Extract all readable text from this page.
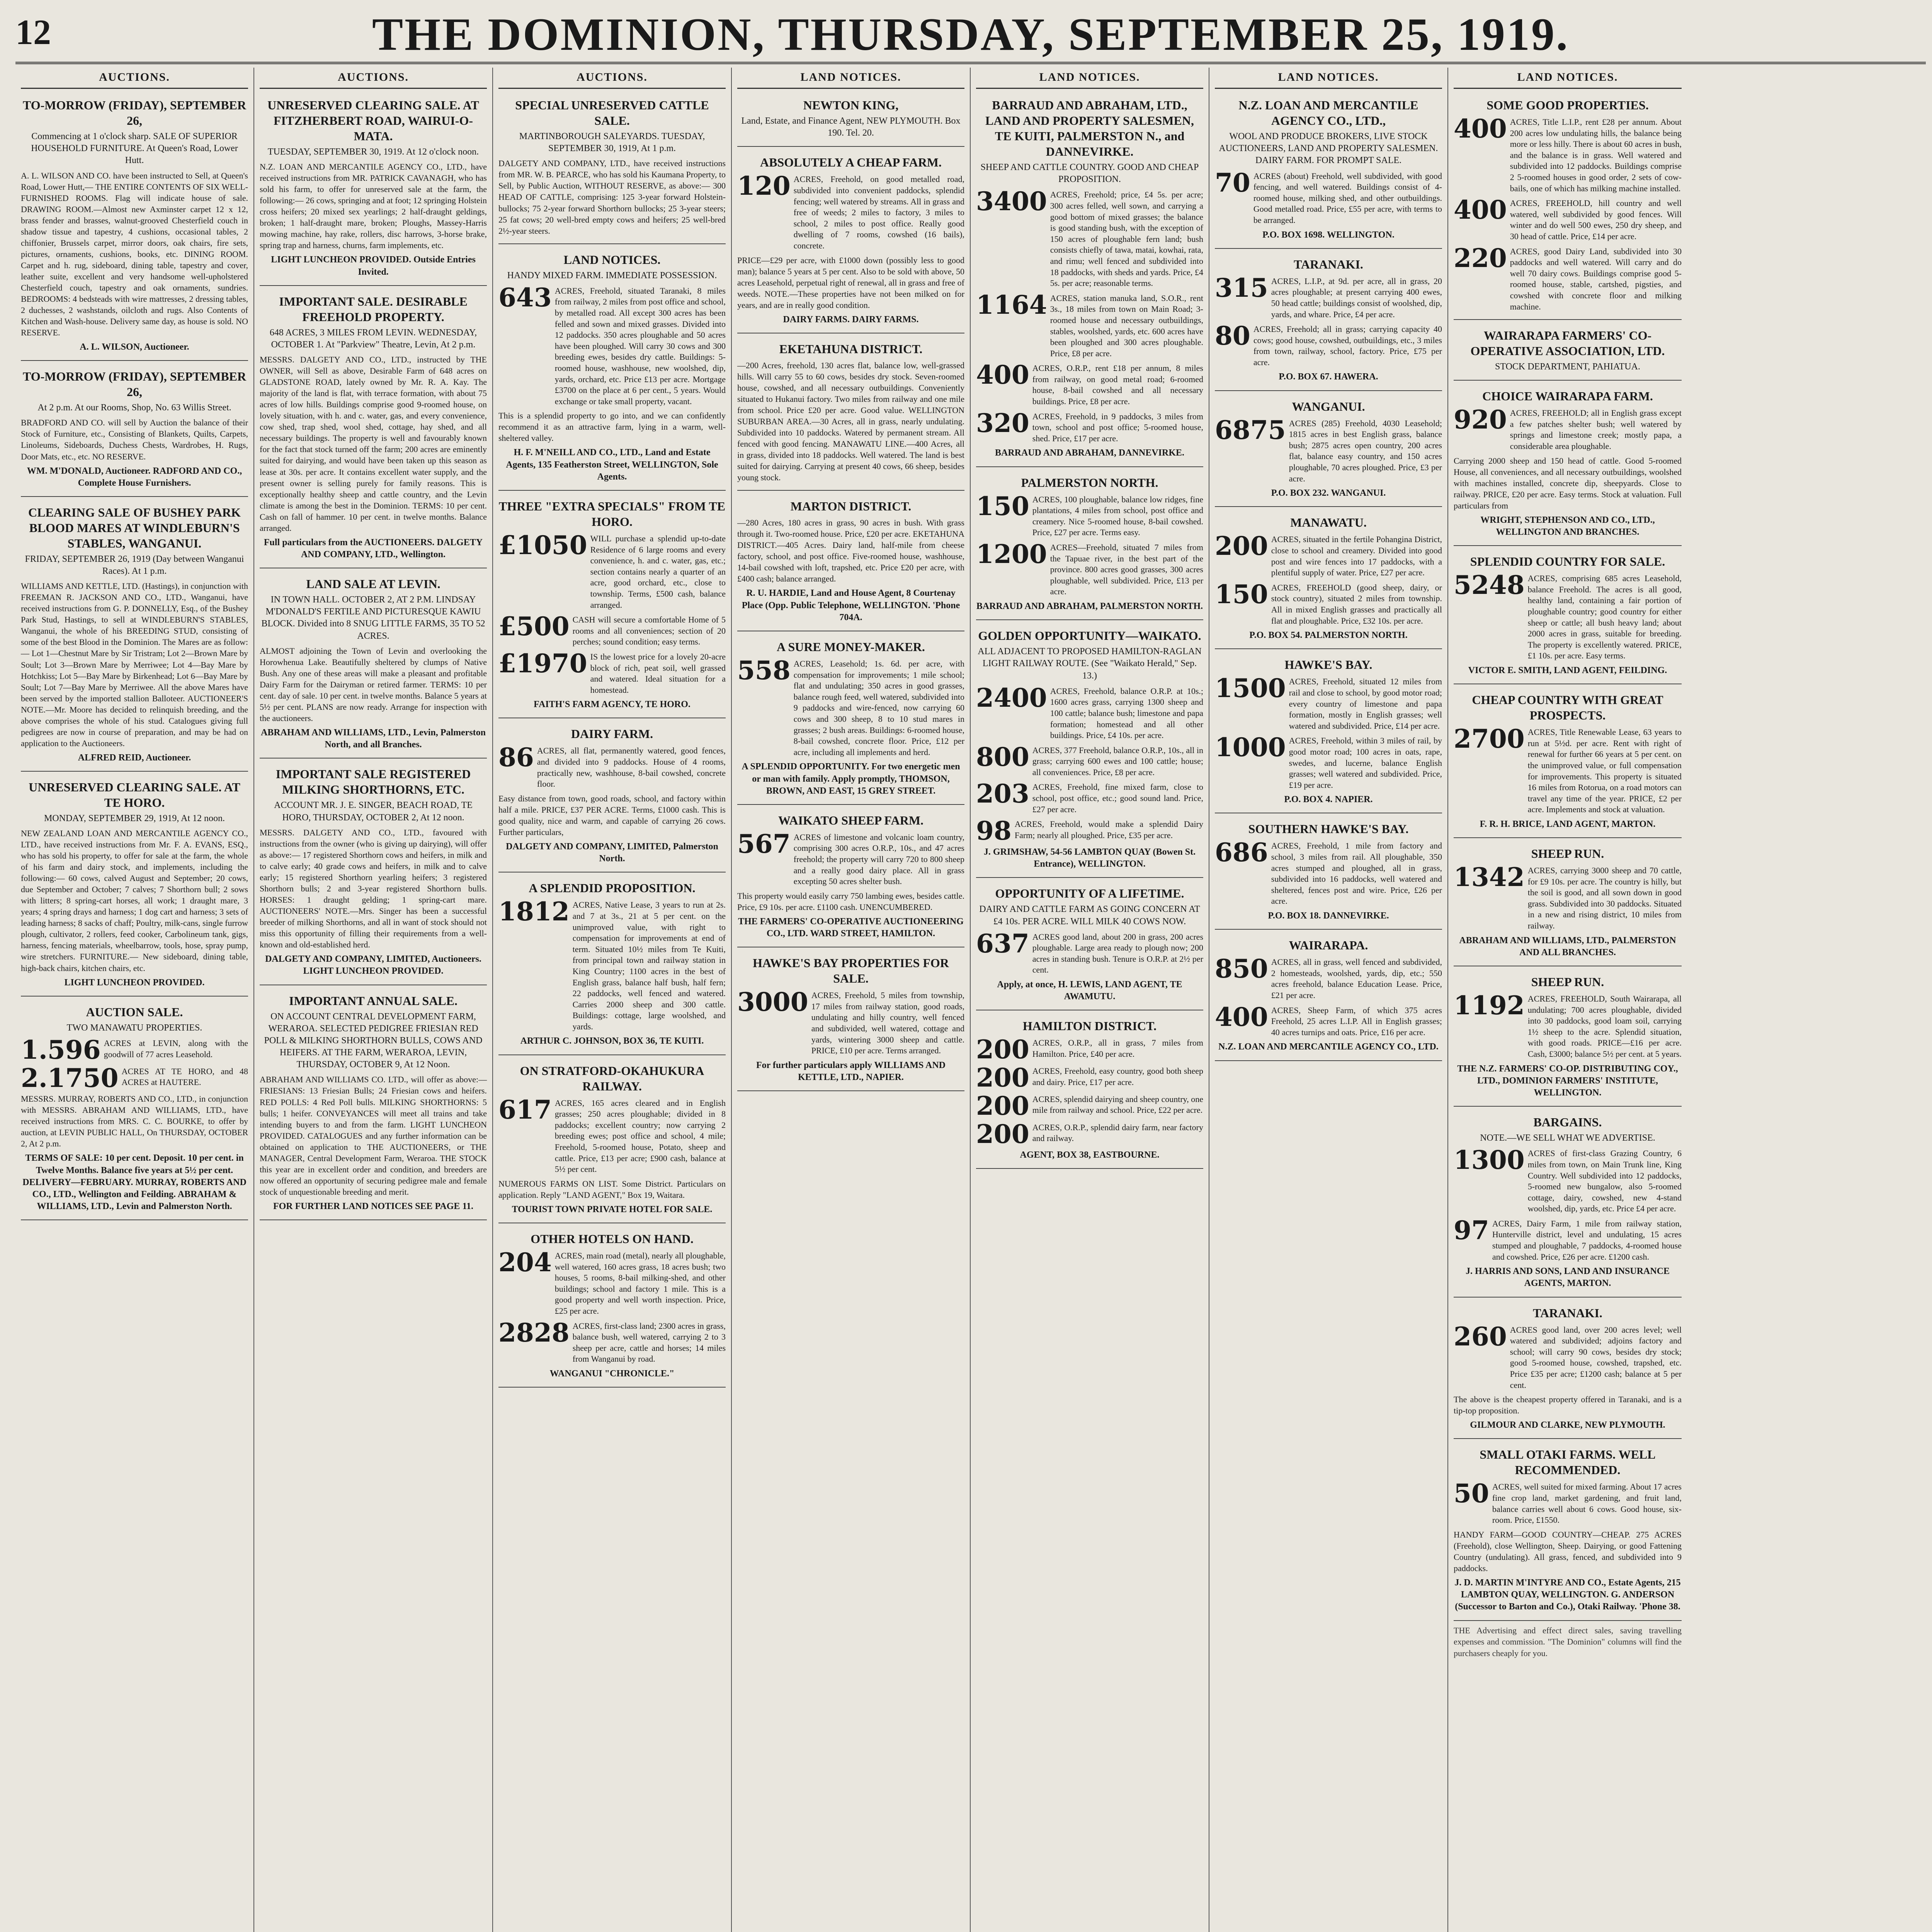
12	THE DOMINION, THURSDAY, SEPTEMBER 25, 1919.
AUCTIONS.
TO-MORROW (FRIDAY), SEPTEMBER 26,
Commencing at 1 o'clock sharp. SALE OF SUPERIOR HOUSEHOLD FURNITURE. At Queen's Road, Lower Hutt.
A. L. WILSON AND CO. have been instructed to Sell, at Queen's Road, Lower Hutt,— THE ENTIRE CONTENTS OF SIX WELL-FURNISHED ROOMS. Flag will indicate house of sale. DRAWING ROOM.—Almost new Axminster carpet 12 x 12, brass fender and brasses, walnut-grooved Chesterfield couch in shadow tissue and tapestry, 4 cushions, occasional tables, 2 chiffonier, Brussels carpet, mirror doors, oak chairs, fire sets, pictures, ornaments, cushions, books, etc. DINING ROOM. Carpet and h. rug, sideboard, dining table, tapestry and cover, leather suite, excellent and very handsome well-upholstered Chesterfield couch, tapestry and oak ornaments, sundries. BEDROOMS: 4 bedsteads with wire mattresses, 2 dressing tables, 2 duchesses, 2 washstands, oilcloth and rugs. Also Contents of Kitchen and Wash-house. Delivery same day, as house is sold. NO RESERVE.
A. L. WILSON, Auctioneer.
TO-MORROW (FRIDAY), SEPTEMBER 26,
At 2 p.m. At our Rooms, Shop, No. 63 Willis Street.
BRADFORD AND CO. will sell by Auction the balance of their Stock of Furniture, etc., Consisting of Blankets, Quilts, Carpets, Linoleums, Sideboards, Duchess Chests, Wardrobes, H. Rugs, Door Mats, etc., etc. NO RESERVE.
WM. M'DONALD, Auctioneer. RADFORD AND CO., Complete House Furnishers.
CLEARING SALE OF BUSHEY PARK BLOOD MARES AT WINDLEBURN'S STABLES, WANGANUI.
FRIDAY, SEPTEMBER 26, 1919 (Day between Wanganui Races). At 1 p.m.
WILLIAMS AND KETTLE, LTD. (Hastings), in conjunction with FREEMAN R. JACKSON AND CO., LTD., Wanganui, have received instructions from G. P. DONNELLY, Esq., of the Bushey Park Stud, Hastings, to sell at WINDLEBURN'S STABLES, Wanganui, the whole of his BREEDING STUD, consisting of some of the best Blood in the Dominion. The Mares are as follow:— Lot 1—Chestnut Mare by Sir Tristram; Lot 2—Brown Mare by Soult; Lot 3—Brown Mare by Merriwee; Lot 4—Bay Mare by Hotchkiss; Lot 5—Bay Mare by Birkenhead; Lot 6—Bay Mare by Soult; Lot 7—Bay Mare by Merriwee. All the above Mares have been served by the imported stallion Balloteer. AUCTIONEER'S NOTE.—Mr. Moore has decided to relinquish breeding, and the above comprises the whole of his stud. Catalogues giving full pedigrees are now in course of preparation, and may be had on application to the Auctioneers.
ALFRED REID, Auctioneer.
UNRESERVED CLEARING SALE. AT TE HORO.
MONDAY, SEPTEMBER 29, 1919, At 12 noon.
NEW ZEALAND LOAN AND MERCANTILE AGENCY CO., LTD., have received instructions from Mr. F. A. EVANS, ESQ., who has sold his property, to offer for sale at the farm, the whole of his farm and dairy stock, and implements, including the following:— 60 cows, calved August and September; 20 cows, due September and October; 7 calves; 7 Shorthorn bull; 2 sows with litters; 8 spring-cart horses, all work; 1 draught mare, 3 years; 4 spring drays and harness; 1 dog cart and harness; 3 sets of leading harness; 8 sacks of chaff; Poultry, milk-cans, single furrow plough, cultivator, 2 rollers, feed cooker, Carbolineum tank, gigs, harness, fencing materials, wheelbarrow, tools, hose, spray pump, wire stretchers. FURNITURE.— New sideboard, dining table, high-back chairs, kitchen chairs, etc.
LIGHT LUNCHEON PROVIDED.
AUCTION SALE.
TWO MANAWATU PROPERTIES.
1.596 ACRES at LEVIN, along with the goodwill of 77 acres Leasehold.
2.1750 ACRES AT TE HORO, and 48 ACRES at HAUTERE.
MESSRS. MURRAY, ROBERTS AND CO., LTD., in conjunction with MESSRS. ABRAHAM AND WILLIAMS, LTD., have received instructions from MRS. C. C. BOURKE, to offer by auction, at LEVIN PUBLIC HALL, On THURSDAY, OCTOBER 2, At 2 p.m.
TERMS OF SALE: 10 per cent. Deposit. 10 per cent. in Twelve Months. Balance five years at 5½ per cent. DELIVERY—FEBRUARY. MURRAY, ROBERTS AND CO., LTD., Wellington and Feilding. ABRAHAM & WILLIAMS, LTD., Levin and Palmerston North.
AUCTIONS.
UNRESERVED CLEARING SALE. AT FITZHERBERT ROAD, WAIRUI-O-MATA.
TUESDAY, SEPTEMBER 30, 1919. At 12 o'clock noon.
N.Z. LOAN AND MERCANTILE AGENCY CO., LTD., have received instructions from MR. PATRICK CAVANAGH, who has sold his farm, to offer for unreserved sale at the farm, the following:— 26 cows, springing and at foot; 12 springing Holstein cross heifers; 20 mixed sex yearlings; 2 half-draught geldings, broken; 1 half-draught mare, broken; Ploughs, Massey-Harris mowing machine, hay rake, rollers, disc harrows, 3-horse brake, spring trap and harness, churns, farm implements, etc.
LIGHT LUNCHEON PROVIDED. Outside Entries Invited.
IMPORTANT SALE. DESIRABLE FREEHOLD PROPERTY.
648 ACRES, 3 MILES FROM LEVIN. WEDNESDAY, OCTOBER 1. At "Parkview" Theatre, Levin, At 2 p.m.
MESSRS. DALGETY AND CO., LTD., instructed by THE OWNER, will Sell as above, Desirable Farm of 648 acres on GLADSTONE ROAD, lately owned by Mr. R. A. Kay. The majority of the land is flat, with terrace formation, with about 75 acres of low hills. Buildings comprise good 9-roomed house, on lovely situation, with h. and c. water, gas, and every convenience, cow shed, trap shed, wool shed, cottage, hay shed, and all necessary buildings. The property is well and favourably known for the fact that stock turned off the farm; 200 acres are eminently suited for dairying, and would have been taken up this season as lease at 30s. per acre. It contains excellent water supply, and the present owner is selling purely for family reasons. This is exceptionally healthy sheep and cattle country, and the Levin climate is among the best in the Dominion. TERMS: 10 per cent. Cash on fall of hammer. 10 per cent. in twelve months. Balance arranged.
Full particulars from the AUCTIONEERS. DALGETY AND COMPANY, LTD., Wellington.
LAND SALE AT LEVIN.
IN TOWN HALL. OCTOBER 2, AT 2 P.M. LINDSAY M'DONALD'S FERTILE AND PICTURESQUE KAWIU BLOCK. Divided into 8 SNUG LITTLE FARMS, 35 TO 52 ACRES.
ALMOST adjoining the Town of Levin and overlooking the Horowhenua Lake. Beautifully sheltered by clumps of Native Bush. Any one of these areas will make a pleasant and profitable Dairy Farm for the Dairyman or retired farmer. TERMS: 10 per cent. day of sale. 10 per cent. in twelve months. Balance 5 years at 5½ per cent. PLANS are now ready. Arrange for inspection with the auctioneers.
ABRAHAM AND WILLIAMS, LTD., Levin, Palmerston North, and all Branches.
IMPORTANT SALE REGISTERED MILKING SHORTHORNS, ETC.
ACCOUNT MR. J. E. SINGER, BEACH ROAD, TE HORO, THURSDAY, OCTOBER 2, At 12 noon.
MESSRS. DALGETY AND CO., LTD., favoured with instructions from the owner (who is giving up dairying), will offer as above:— 17 registered Shorthorn cows and heifers, in milk and to calve early; 40 grade cows and heifers, in milk and to calve early; 15 registered Shorthorn yearling heifers; 3 registered Shorthorn bulls; 2 and 3-year registered Shorthorn bulls. HORSES: 1 draught gelding; 1 spring-cart mare. AUCTIONEERS' NOTE.—Mrs. Singer has been a successful breeder of milking Shorthorns, and all in want of stock should not miss this opportunity of filling their requirements from a well-known and old-established herd.
DALGETY AND COMPANY, LIMITED, Auctioneers. LIGHT LUNCHEON PROVIDED.
IMPORTANT ANNUAL SALE.
ON ACCOUNT CENTRAL DEVELOPMENT FARM, WERAROA. SELECTED PEDIGREE FRIESIAN RED POLL & MILKING SHORTHORN BULLS, COWS AND HEIFERS. AT THE FARM, WERAROA, LEVIN, THURSDAY, OCTOBER 9, At 12 Noon.
ABRAHAM AND WILLIAMS CO. LTD., will offer as above:— FRIESIANS: 13 Friesian Bulls; 24 Friesian cows and heifers. RED POLLS: 4 Red Poll bulls. MILKING SHORTHORNS: 5 bulls; 1 heifer. CONVEYANCES will meet all trains and take intending buyers to and from the farm. LIGHT LUNCHEON PROVIDED. CATALOGUES and any further information can be obtained on application to THE AUCTIONEERS, or THE MANAGER, Central Development Farm, Weraroa. THE STOCK this year are in excellent order and condition, and breeders are now offered an opportunity of securing pedigree male and female stock of unquestionable breeding and merit.
FOR FURTHER LAND NOTICES SEE PAGE 11.
AUCTIONS.
SPECIAL UNRESERVED CATTLE SALE.
MARTINBOROUGH SALEYARDS. TUESDAY, SEPTEMBER 30, 1919, At 1 p.m.
DALGETY AND COMPANY, LTD., have received instructions from MR. W. B. PEARCE, who has sold his Kaumana Property, to Sell, by Public Auction, WITHOUT RESERVE, as above:— 300 HEAD OF CATTLE, comprising: 125 3-year forward Holstein-bullocks; 75 2-year forward Shorthorn bullocks; 25 3-year steers; 25 fat cows; 20 well-bred empty cows and heifers; 25 well-bred 2½-year steers.
LAND NOTICES.
HANDY MIXED FARM. IMMEDIATE POSSESSION.
643 ACRES, Freehold, situated Taranaki, 8 miles from railway, 2 miles from post office and school, by metalled road. All except 300 acres has been felled and sown and mixed grasses. Divided into 12 paddocks. 350 acres ploughable and 50 acres have been ploughed. Will carry 30 cows and 300 breeding ewes, besides dry cattle. Buildings: 5-roomed house, washhouse, new woolshed, dip, yards, orchard, etc. Price £13 per acre. Mortgage £3700 on the place at 6 per cent., 5 years. Would exchange or take small property, vacant.
This is a splendid property to go into, and we can confidently recommend it as an attractive farm, lying in a warm, well-sheltered valley.
H. F. M'NEILL AND CO., LTD., Land and Estate Agents, 135 Featherston Street, WELLINGTON, Sole Agents.
THREE "EXTRA SPECIALS" FROM TE HORO.
£1050 WILL purchase a splendid up-to-date Residence of 6 large rooms and every convenience, h. and c. water, gas, etc.; section contains nearly a quarter of an acre, good orchard, etc., close to township. Terms, £500 cash, balance arranged.
£500 CASH will secure a comfortable Home of 5 rooms and all conveniences; section of 20 perches; sound condition; easy terms.
£1970 IS the lowest price for a lovely 20-acre block of rich, peat soil, well grassed and watered. Ideal situation for a homestead.
FAITH'S FARM AGENCY, TE HORO.
DAIRY FARM.
86 ACRES, all flat, permanently watered, good fences, and divided into 9 paddocks. House of 4 rooms, practically new, washhouse, 8-bail cowshed, concrete floor.
Easy distance from town, good roads, school, and factory within half a mile. PRICE, £37 PER ACRE. Terms, £1000 cash. This is good quality, nice and warm, and capable of carrying 26 cows. Further particulars,
DALGETY AND COMPANY, LIMITED, Palmerston North.
A SPLENDID PROPOSITION.
1812 ACRES, Native Lease, 3 years to run at 2s. and 7 at 3s., 21 at 5 per cent. on the unimproved value, with right to compensation for improvements at end of term. Situated 10½ miles from Te Kuiti, from principal town and railway station in King Country; 1100 acres in the best of English grass, balance half bush, half fern; 22 paddocks, well fenced and watered. Carries 2000 sheep and 300 cattle. Buildings: cottage, large woolshed, and yards.
ARTHUR C. JOHNSON, BOX 36, TE KUITI.
ON STRATFORD-OKAHUKURA RAILWAY.
617 ACRES, 165 acres cleared and in English grasses; 250 acres ploughable; divided in 8 paddocks; excellent country; now carrying 2 breeding ewes; post office and school, 4 mile; Freehold, 5-roomed house, Potato, sheep and cattle. Price, £13 per acre; £900 cash, balance at 5½ per cent.
NUMEROUS FARMS ON LIST. Some District. Particulars on application. Reply "LAND AGENT," Box 19, Waitara.
TOURIST TOWN PRIVATE HOTEL FOR SALE.
OTHER HOTELS ON HAND.
204 ACRES, main road (metal), nearly all ploughable, well watered, 160 acres grass, 18 acres bush; two houses, 5 rooms, 8-bail milking-shed, and other buildings; school and factory 1 mile. This is a good property and well worth inspection. Price, £25 per acre.
2828 ACRES, first-class land; 2300 acres in grass, balance bush, well watered, carrying 2 to 3 sheep per acre, cattle and horses; 14 miles from Wanganui by road.
WANGANUI "CHRONICLE."
LAND NOTICES.
NEWTON KING,
Land, Estate, and Finance Agent, NEW PLYMOUTH. Box 190. Tel. 20.
ABSOLUTELY A CHEAP FARM.
120 ACRES, Freehold, on good metalled road, subdivided into convenient paddocks, splendid fencing; well watered by streams. All in grass and free of weeds; 2 miles to factory, 3 miles to school, 2 miles to post office. Really good dwelling of 7 rooms, cowshed (16 bails), concrete.
PRICE—£29 per acre, with £1000 down (possibly less to good man); balance 5 years at 5 per cent. Also to be sold with above, 50 acres Leasehold, perpetual right of renewal, all in grass and free of weeds. NOTE.—These properties have not been milked on for years, and are in really good condition.
DAIRY FARMS. DAIRY FARMS.
EKETAHUNA DISTRICT.
—200 Acres, freehold, 130 acres flat, balance low, well-grassed hills. Will carry 55 to 60 cows, besides dry stock. Seven-roomed house, cowshed, and all necessary outbuildings. Conveniently situated to Hukanui factory. Two miles from railway and one mile from school. Price £20 per acre. Good value. WELLINGTON SUBURBAN AREA.—30 Acres, all in grass, nearly undulating. Subdivided into 10 paddocks. Watered by permanent stream. All fenced with good fencing. MANAWATU LINE.—400 Acres, all in grass, divided into 18 paddocks. Well watered. The land is best suited for dairying. Carrying at present 40 cows, 66 sheep, besides young stock.
MARTON DISTRICT.
—280 Acres, 180 acres in grass, 90 acres in bush. With grass through it. Two-roomed house. Price, £20 per acre. EKETAHUNA DISTRICT.—405 Acres. Dairy land, half-mile from cheese factory, school, and post office. Five-roomed house, washhouse, 14-bail cowshed with loft, trapshed, etc. Price £20 per acre, with £400 cash; balance arranged.
R. U. HARDIE, Land and House Agent, 8 Courtenay Place (Opp. Public Telephone, WELLINGTON. 'Phone 704A.
A SURE MONEY-MAKER.
558 ACRES, Leasehold; 1s. 6d. per acre, with compensation for improvements; 1 mile school; flat and undulating; 350 acres in good grasses, balance rough feed, well watered, subdivided into 9 paddocks and wire-fenced, now carrying 60 cows and 300 sheep, 8 to 10 stud mares in grasses; 2 bush areas. Buildings: 6-roomed house, 8-bail cowshed, concrete floor. Price, £12 per acre, including all implements and herd.
A SPLENDID OPPORTUNITY. For two energetic men or man with family. Apply promptly, THOMSON, BROWN, AND EAST, 15 GREY STREET.
WAIKATO SHEEP FARM.
567 ACRES of limestone and volcanic loam country, comprising 300 acres O.R.P., 10s., and 47 acres freehold; the property will carry 720 to 800 sheep and a really good dairy place. All in grass excepting 50 acres shelter bush.
This property would easily carry 750 lambing ewes, besides cattle. Price, £9 10s. per acre. £1100 cash. UNENCUMBERED.
THE FARMERS' CO-OPERATIVE AUCTIONEERING CO., LTD. WARD STREET, HAMILTON.
HAWKE'S BAY PROPERTIES FOR SALE.
3000 ACRES, Freehold, 5 miles from township, 17 miles from railway station, good roads, undulating and hilly country, well fenced and subdivided, well watered, cottage and yards, wintering 3000 sheep and cattle. PRICE, £10 per acre. Terms arranged.
For further particulars apply WILLIAMS AND KETTLE, LTD., NAPIER.
LAND NOTICES.
BARRAUD AND ABRAHAM, LTD., LAND AND PROPERTY SALESMEN, TE KUITI, PALMERSTON N., and DANNEVIRKE.
SHEEP AND CATTLE COUNTRY. GOOD AND CHEAP PROPOSITION.
3400 ACRES, Freehold; price, £4 5s. per acre; 300 acres felled, well sown, and carrying a good bottom of mixed grasses; the balance is good standing bush, with the exception of 150 acres of ploughable fern land; bush consists chiefly of tawa, matai, kowhai, rata, and rimu; well fenced and subdivided into 18 paddocks, with sheds and yards. Price, £4 5s. per acre; reasonable terms.
1164 ACRES, station manuka land, S.O.R., rent 3s., 18 miles from town on Main Road; 3-roomed house and necessary outbuildings, stables, woolshed, yards, etc. 600 acres have been ploughed and 300 acres ploughable. Price, £8 per acre.
400 ACRES, O.R.P., rent £18 per annum, 8 miles from railway, on good metal road; 6-roomed house, 8-bail cowshed and all necessary buildings. Price, £8 per acre.
320 ACRES, Freehold, in 9 paddocks, 3 miles from town, school and post office; 5-roomed house, shed. Price, £17 per acre.
BARRAUD AND ABRAHAM, DANNEVIRKE.
PALMERSTON NORTH.
150 ACRES, 100 ploughable, balance low ridges, fine plantations, 4 miles from school, post office and creamery. Nice 5-roomed house, 8-bail cowshed. Price, £27 per acre. Terms easy.
1200 ACRES—Freehold, situated 7 miles from the Tapuae river, in the best part of the province. 800 acres good grasses, 300 acres ploughable, well subdivided. Price, £13 per acre.
BARRAUD AND ABRAHAM, PALMERSTON NORTH.
GOLDEN OPPORTUNITY—WAIKATO.
ALL ADJACENT TO PROPOSED HAMILTON-RAGLAN LIGHT RAILWAY ROUTE. (See "Waikato Herald," Sep. 13.)
2400 ACRES, Freehold, balance O.R.P. at 10s.; 1600 acres grass, carrying 1300 sheep and 100 cattle; balance bush; limestone and papa formation; homestead and all other buildings. Price, £4 10s. per acre.
800 ACRES, 377 Freehold, balance O.R.P., 10s., all in grass; carrying 600 ewes and 100 cattle; house; all conveniences. Price, £8 per acre.
203 ACRES, Freehold, fine mixed farm, close to school, post office, etc.; good sound land. Price, £27 per acre.
98 ACRES, Freehold, would make a splendid Dairy Farm; nearly all ploughed. Price, £35 per acre.
J. GRIMSHAW, 54-56 LAMBTON QUAY (Bowen St. Entrance), WELLINGTON.
OPPORTUNITY OF A LIFETIME.
DAIRY AND CATTLE FARM AS GOING CONCERN AT £4 10s. PER ACRE. WILL MILK 40 COWS NOW.
637 ACRES good land, about 200 in grass, 200 acres ploughable. Large area ready to plough now; 200 acres in standing bush. Tenure is O.R.P. at 2½ per cent.
Apply, at once, H. LEWIS, LAND AGENT, TE AWAMUTU.
HAMILTON DISTRICT.
200 ACRES, O.R.P., all in grass, 7 miles from Hamilton. Price, £40 per acre.
200 ACRES, Freehold, easy country, good both sheep and dairy. Price, £17 per acre.
200 ACRES, splendid dairying and sheep country, one mile from railway and school. Price, £22 per acre.
200 ACRES, O.R.P., splendid dairy farm, near factory and railway.
AGENT, BOX 38, EASTBOURNE.
LAND NOTICES.
N.Z. LOAN AND MERCANTILE AGENCY CO., LTD.,
WOOL AND PRODUCE BROKERS, LIVE STOCK AUCTIONEERS, LAND AND PROPERTY SALESMEN. DAIRY FARM. FOR PROMPT SALE.
70 ACRES (about) Freehold, well subdivided, with good fencing, and well watered. Buildings consist of 4-roomed house, milking shed, and other outbuildings. Good metalled road. Price, £55 per acre, with terms to be arranged.
P.O. BOX 1698. WELLINGTON.
TARANAKI.
315 ACRES, L.I.P., at 9d. per acre, all in grass, 20 acres ploughable; at present carrying 400 ewes, 50 head cattle; buildings consist of woolshed, dip, yards, and whare. Price, £4 per acre.
80 ACRES, Freehold; all in grass; carrying capacity 40 cows; good house, cowshed, outbuildings, etc., 3 miles from town, railway, school, factory. Price, £75 per acre.
P.O. BOX 67. HAWERA.
WANGANUI.
6875 ACRES (285) Freehold, 4030 Leasehold; 1815 acres in best English grass, balance bush; 2875 acres open country, 200 acres flat, balance easy country, and 150 acres ploughable, 70 acres ploughed. Price, £3 per acre.
P.O. BOX 232. WANGANUI.
MANAWATU.
200 ACRES, situated in the fertile Pohangina District, close to school and creamery. Divided into good post and wire fences into 17 paddocks, with a plentiful supply of water. Price, £27 per acre.
150 ACRES, FREEHOLD (good sheep, dairy, or stock country), situated 2 miles from township. All in mixed English grasses and practically all flat and ploughable. Price, £32 10s. per acre.
P.O. BOX 54. PALMERSTON NORTH.
HAWKE'S BAY.
1500 ACRES, Freehold, situated 12 miles from rail and close to school, by good motor road; every country of limestone and papa formation, mostly in English grasses; well watered and subdivided. Price, £14 per acre.
1000 ACRES, Freehold, within 3 miles of rail, by good motor road; 100 acres in oats, rape, swedes, and lucerne, balance English grasses; well watered and subdivided. Price, £19 per acre.
P.O. BOX 4. NAPIER.
SOUTHERN HAWKE'S BAY.
686 ACRES, Freehold, 1 mile from factory and school, 3 miles from rail. All ploughable, 350 acres stumped and ploughed, all in grass, subdivided into 16 paddocks, well watered and sheltered, fences post and wire. Price, £26 per acre.
P.O. BOX 18. DANNEVIRKE.
WAIRARAPA.
850 ACRES, all in grass, well fenced and subdivided, 2 homesteads, woolshed, yards, dip, etc.; 550 acres freehold, balance Education Lease. Price, £21 per acre.
400 ACRES, Sheep Farm, of which 375 acres Freehold, 25 acres L.I.P. All in English grasses; 40 acres turnips and oats. Price, £16 per acre.
N.Z. LOAN AND MERCANTILE AGENCY CO., LTD.
LAND NOTICES.
SOME GOOD PROPERTIES.
400 ACRES, Title L.I.P., rent £28 per annum. About 200 acres low undulating hills, the balance being more or less hilly. There is about 60 acres in bush, and the balance is in grass. Well watered and subdivided into 12 paddocks. Buildings comprise 2 5-roomed houses in good order, 2 sets of cow-bails, one of which has milking machine installed.
400 ACRES, FREEHOLD, hill country and well watered, well subdivided by good fences. Will winter and do well 500 ewes, 250 dry sheep, and 30 head of cattle. Price, £14 per acre.
220 ACRES, good Dairy Land, subdivided into 30 paddocks and well watered. Will carry and do well 70 dairy cows. Buildings comprise good 5-roomed house, stable, cartshed, pigsties, and cowshed with concrete floor and milking machine.
WAIRARAPA FARMERS' CO-OPERATIVE ASSOCIATION, LTD.
STOCK DEPARTMENT, PAHIATUA.
CHOICE WAIRARAPA FARM.
920 ACRES, FREEHOLD; all in English grass except a few patches shelter bush; well watered by springs and limestone creek; mostly papa, a considerable area ploughable.
Carrying 2000 sheep and 150 head of cattle. Good 5-roomed House, all conveniences, and all necessary outbuildings, woolshed with machines installed, concrete dip, sheepyards. Close to railway. PRICE, £20 per acre. Easy terms. Stock at valuation. Full particulars from
WRIGHT, STEPHENSON AND CO., LTD., WELLINGTON AND BRANCHES.
SPLENDID COUNTRY FOR SALE.
5248 ACRES, comprising 685 acres Leasehold, balance Freehold. The acres is all good, healthy land, containing a fair portion of ploughable country; good country for either sheep or cattle; all bush heavy land; about 2000 acres in grass, suitable for breeding. The property is excellently watered. PRICE, £1 10s. per acre. Easy terms.
VICTOR E. SMITH, LAND AGENT, FEILDING.
CHEAP COUNTRY WITH GREAT PROSPECTS.
2700 ACRES, Title Renewable Lease, 63 years to run at 5½d. per acre. Rent with right of renewal for further 66 years at 5 per cent. on the unimproved value, or full compensation for improvements. This property is situated 16 miles from Rotorua, on a road motors can travel any time of the year. PRICE, £2 per acre. Implements and stock at valuation.
F. R. H. BRICE, LAND AGENT, MARTON.
SHEEP RUN.
1342 ACRES, carrying 3000 sheep and 70 cattle, for £9 10s. per acre. The country is hilly, but the soil is good, and all sown down in good grass. Subdivided into 30 paddocks. Situated in a new and rising district, 10 miles from railway.
ABRAHAM AND WILLIAMS, LTD., PALMERSTON AND ALL BRANCHES.
SHEEP RUN.
1192 ACRES, FREEHOLD, South Wairarapa, all undulating; 700 acres ploughable, divided into 30 paddocks, good loam soil, carrying 1½ sheep to the acre. Splendid situation, with good roads. PRICE—£16 per acre. Cash, £3000; balance 5½ per cent. at 5 years.
THE N.Z. FARMERS' CO-OP. DISTRIBUTING COY., LTD., DOMINION FARMERS' INSTITUTE, WELLINGTON.
BARGAINS.
NOTE.—WE SELL WHAT WE ADVERTISE.
1300 ACRES of first-class Grazing Country, 6 miles from town, on Main Trunk line, King Country. Well subdivided into 12 paddocks, 5-roomed new bungalow, also 5-roomed cottage, dairy, cowshed, new 4-stand woolshed, dip, yards, etc. Price £4 per acre.
97 ACRES, Dairy Farm, 1 mile from railway station, Hunterville district, level and undulating, 15 acres stumped and ploughable, 7 paddocks, 4-roomed house and cowshed. Price, £26 per acre. £1200 cash.
J. HARRIS AND SONS, LAND AND INSURANCE AGENTS, MARTON.
TARANAKI.
260 ACRES good land, over 200 acres level; well watered and subdivided; adjoins factory and school; will carry 90 cows, besides dry stock; good 5-roomed house, cowshed, trapshed, etc. Price £35 per acre; £1200 cash; balance at 5 per cent.
The above is the cheapest property offered in Taranaki, and is a tip-top proposition.
GILMOUR AND CLARKE, NEW PLYMOUTH.
SMALL OTAKI FARMS. WELL RECOMMENDED.
50 ACRES, well suited for mixed farming. About 17 acres fine crop land, market gardening, and fruit land, balance carries well about 6 cows. Good house, six-room. Price, £1550.
HANDY FARM—GOOD COUNTRY—CHEAP. 275 ACRES (Freehold), close Wellington, Sheep. Dairying, or good Fattening Country (undulating). All grass, fenced, and subdivided into 9 paddocks.
J. D. MARTIN M'INTYRE AND CO., Estate Agents, 215 LAMBTON QUAY, WELLINGTON. G. ANDERSON (Successor to Barton and Co.), Otaki Railway. 'Phone 38.
THE Advertising and effect direct sales, saving travelling expenses and commission. "The Dominion" columns will find the purchasers cheaply for you.
